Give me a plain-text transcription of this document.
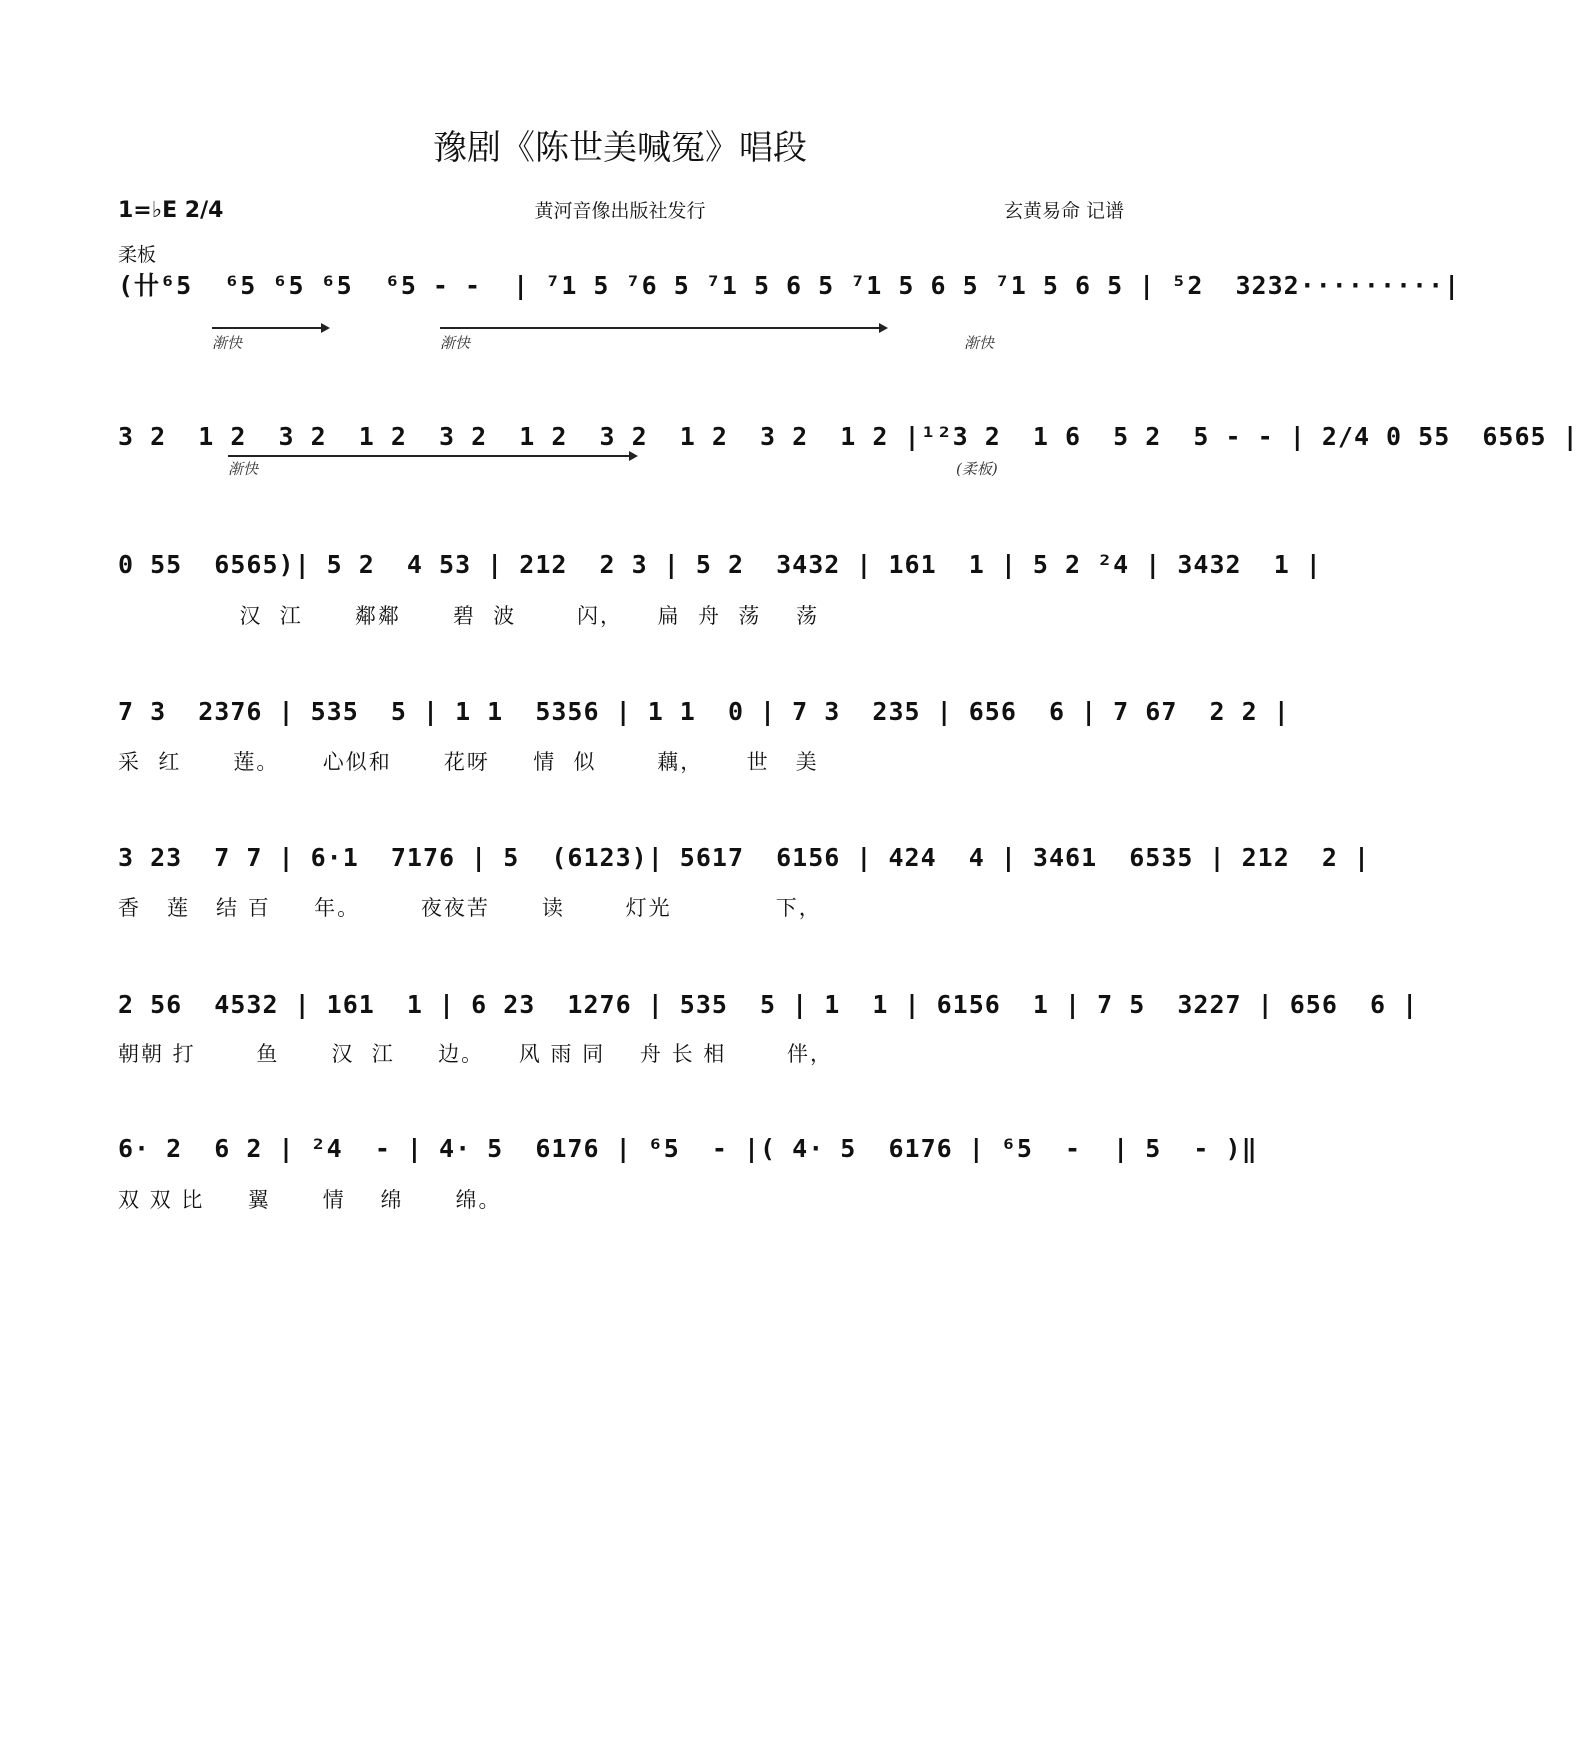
豫剧《陈世美喊冤》唱段
黄河音像出版社发行	玄黄易命 记谱
1=♭E 2/4
柔板
(卄⁶5  ⁶5 ⁶5 ⁶5  ⁶5 - -  | ⁷1 5 ⁷6 5 ⁷1 5 6 5 ⁷1 5 6 5 ⁷1 5 6 5 | ⁵2  3232·········|
渐快	渐快	渐快
3 2  1 2  3 2  1 2  3 2  1 2  3 2  1 2  3 2  1 2 |¹²3 2  1 6  5 2  5 - - | 2/4 0 55  6565 |
渐快	(柔板)
0 55  6565)| 5 2  4 53 | 212  2 3 | 5 2  3432 | 161  1 | 5 2 ²4 | 3432  1 |
汉  江      鄰鄰      碧  波       闪，    扁  舟  荡    荡
7 3  2376 | 535  5 | 1 1  5356 | 1 1  0 | 7 3  235 | 656  6 | 7 67  2 2 |
采  红      莲。     心似和      花呀     情  似       藕，     世   美
3 23  7 7 | 6·1  7176 | 5  (6123)| 5617  6156 | 424  4 | 3461  6535 | 212  2 |
香   莲   结 百     年。       夜夜苦      读       灯光            下，
2 56  4532 | 161  1 | 6 23  1276 | 535  5 | 1  1 | 6156  1 | 7 5  3227 | 656  6 |
朝朝 打       鱼      汉  江     边。    风 雨 同    舟 长 相       伴，
6· 2  6 2 | ²4  - | 4· 5  6176 | ⁶5  - |( 4· 5  6176 | ⁶5  -  | 5  - )‖
双 双 比     翼      情    绵      绵。
